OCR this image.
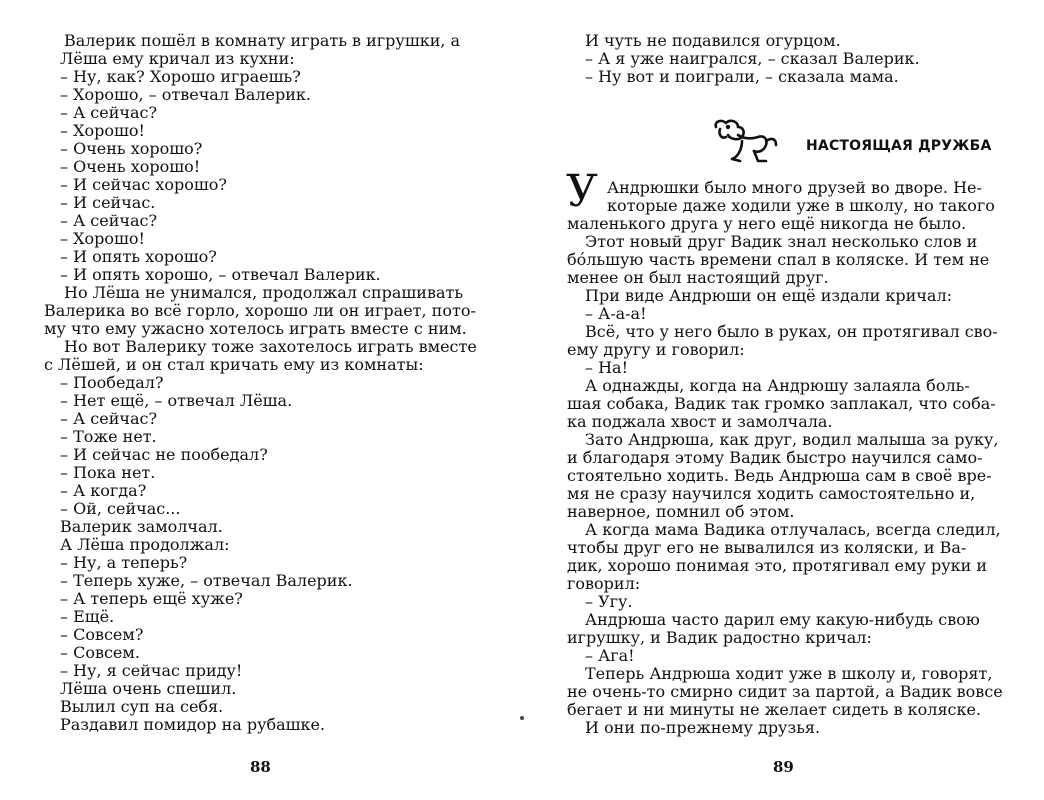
Валерик пошёл в комнату играть в игрушки, а
Лёша ему кричал из кухни:
– Ну, как? Хорошо играешь?
– Хорошо, – отвечал Валерик.
– А сейчас?
– Хорошо!
– Очень хорошо?
– Очень хорошо!
– И сейчас хорошо?
– И сейчас.
– А сейчас?
– Хорошо!
– И опять хорошо?
– И опять хорошо, – отвечал Валерик.
Но Лёша не унимался, продолжал спрашивать
Валерика во всё горло, хорошо ли он играет, пото-
му что ему ужасно хотелось играть вместе с ним.
Но вот Валерику тоже захотелось играть вместе
с Лёшей, и он стал кричать ему из комнаты:
– Пообедал?
– Нет ещё, – отвечал Лёша.
– А сейчас?
– Тоже нет.
– И сейчас не пообедал?
– Пока нет.
– А когда?
– Ой, сейчас...
Валерик замолчал.
А Лёша продолжал:
– Ну, а теперь?
– Теперь хуже, – отвечал Валерик.
– А теперь ещё хуже?
– Ещё.
– Совсем?
– Совсем.
– Ну, я сейчас приду!
Лёша очень спешил.
Вылил суп на себя.
Раздавил помидор на рубашке.
88
И чуть не подавился огурцом.
– А я уже наигрался, – сказал Валерик.
– Ну вот и поиграли, – сказала мама.
НАСТОЯЩАЯ ДРУЖБА
У Андрюшки было много друзей во дворе. Не-
которые даже ходили уже в школу, но такого
маленького друга у него ещё никогда не было.
Этот новый друг Вадик знал несколько слов и
бо́льшую часть времени спал в коляске. И тем не
менее он был настоящий друг.
При виде Андрюши он ещё издали кричал:
– А-а-а!
Всё, что у него было в руках, он протягивал сво-
ему другу и говорил:
– На!
А однажды, когда на Андрюшу залаяла боль-
шая собака, Вадик так громко заплакал, что соба-
ка поджала хвост и замолчала.
Зато Андрюша, как друг, водил малыша за руку,
и благодаря этому Вадик быстро научился само-
стоятельно ходить. Ведь Андрюша сам в своё вре-
мя не сразу научился ходить самостоятельно и,
наверное, помнил об этом.
А когда мама Вадика отлучалась, всегда следил,
чтобы друг его не вывалился из коляски, и Ва-
дик, хорошо понимая это, протягивал ему руки и
говорил:
– Угу.
Андрюша часто дарил ему какую-нибудь свою
игрушку, и Вадик радостно кричал:
– Ага!
Теперь Андрюша ходит уже в школу и, говорят,
не очень-то смирно сидит за партой, а Вадик вовсе
бегает и ни минуты не желает сидеть в коляске.
И они по-прежнему друзья.
89
